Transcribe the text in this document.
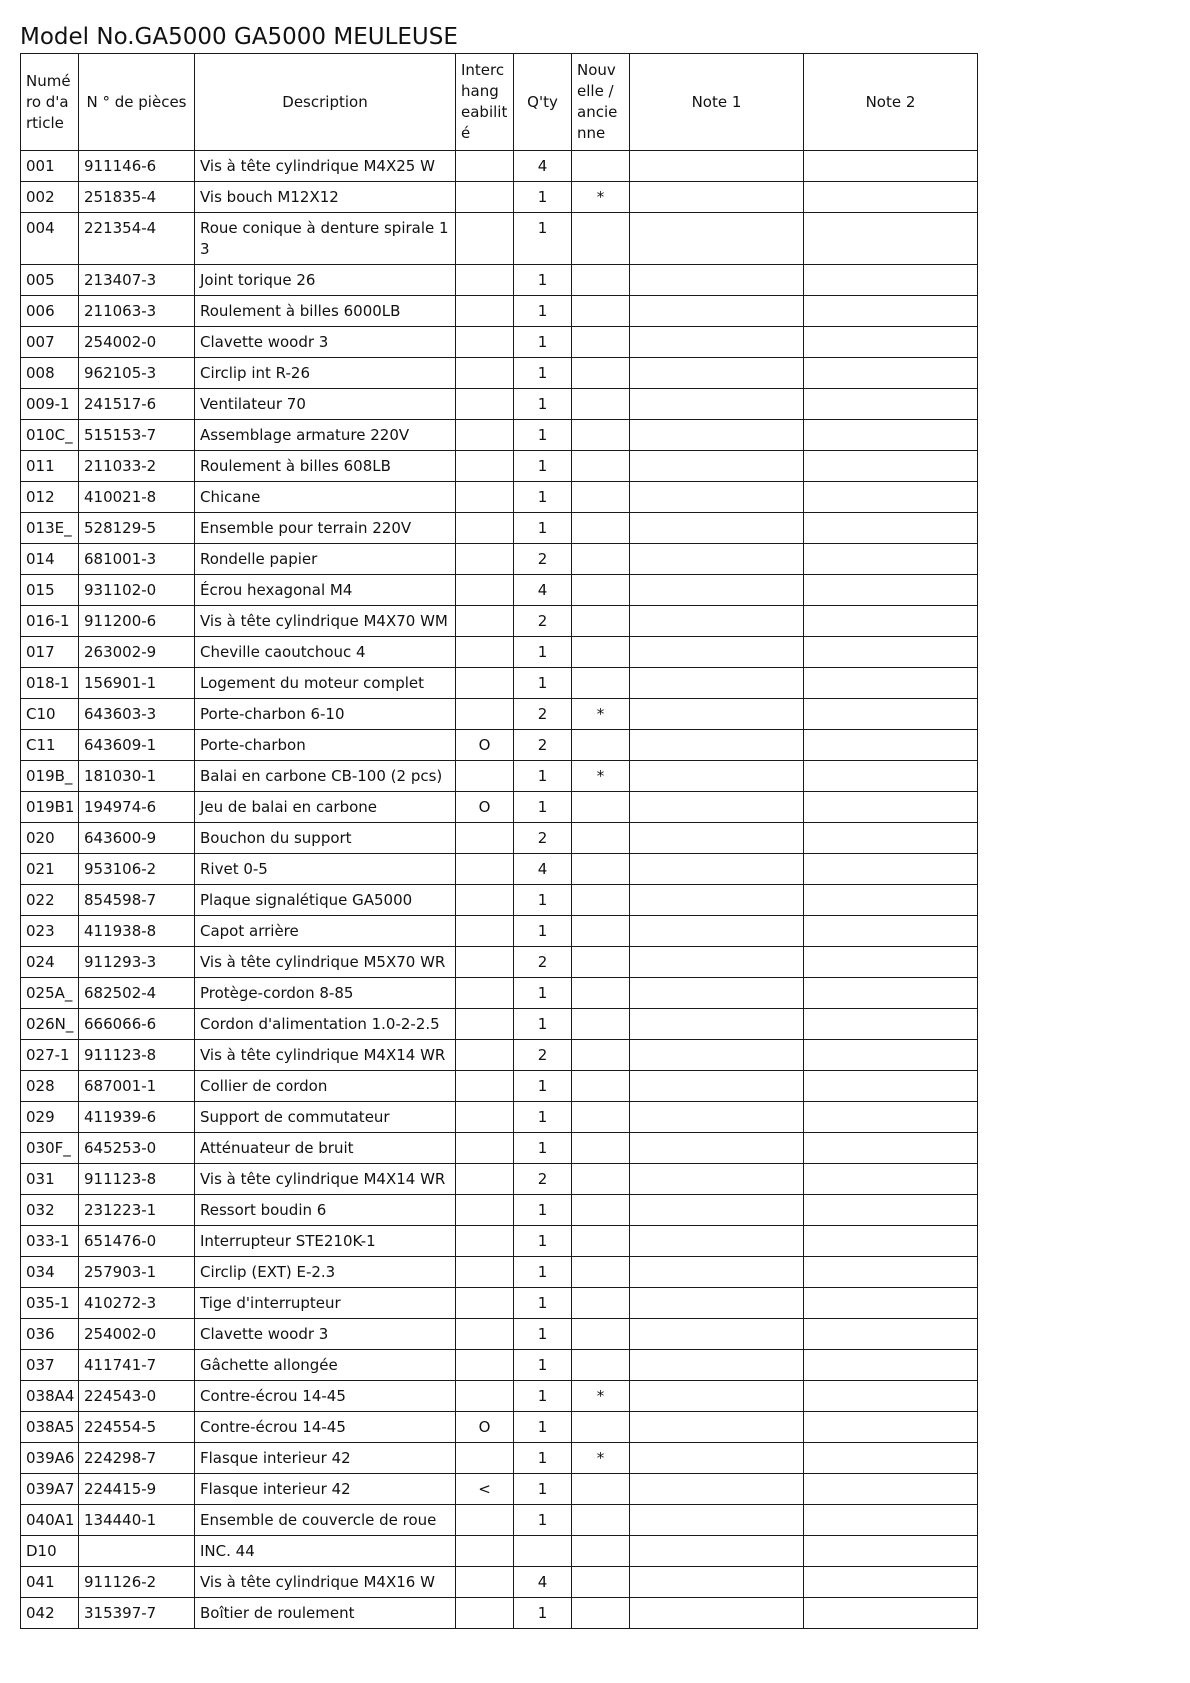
Model No.GA5000 GA5000 MEULEUSE
Numé ro d'a rticle	N ° de pièces	Description	Interc hang eabilit é	Q'ty	Nouv elle / ancie nne	Note 1	Note 2
001	911146-6	Vis à tête cylindrique M4X25 W		4			
002	251835-4	Vis bouch M12X12		1	*		
004	221354-4	Roue conique à denture spirale 1 3		1			
005	213407-3	Joint torique 26		1			
006	211063-3	Roulement à billes 6000LB		1			
007	254002-0	Clavette woodr 3		1			
008	962105-3	Circlip int R-26		1			
009-1	241517-6	Ventilateur 70		1			
010C_	515153-7	Assemblage armature 220V		1			
011	211033-2	Roulement à billes 608LB		1			
012	410021-8	Chicane		1			
013E_	528129-5	Ensemble pour terrain 220V		1			
014	681001-3	Rondelle papier		2			
015	931102-0	Écrou hexagonal M4		4			
016-1	911200-6	Vis à tête cylindrique M4X70 WM		2			
017	263002-9	Cheville caoutchouc 4		1			
018-1	156901-1	Logement du moteur complet		1			
C10	643603-3	Porte-charbon 6-10		2	*		
C11	643609-1	Porte-charbon	O	2			
019B_	181030-1	Balai en carbone CB-100 (2 pcs)		1	*		
019B1	194974-6	Jeu de balai en carbone	O	1			
020	643600-9	Bouchon du support		2			
021	953106-2	Rivet 0-5		4			
022	854598-7	Plaque signalétique GA5000		1			
023	411938-8	Capot arrière		1			
024	911293-3	Vis à tête cylindrique M5X70 WR		2			
025A_	682502-4	Protège-cordon 8-85		1			
026N_	666066-6	Cordon d'alimentation 1.0-2-2.5		1			
027-1	911123-8	Vis à tête cylindrique M4X14 WR		2			
028	687001-1	Collier de cordon		1			
029	411939-6	Support de commutateur		1			
030F_	645253-0	Atténuateur de bruit		1			
031	911123-8	Vis à tête cylindrique M4X14 WR		2			
032	231223-1	Ressort boudin 6		1			
033-1	651476-0	Interrupteur STE210K-1		1			
034	257903-1	Circlip (EXT) E-2.3		1			
035-1	410272-3	Tige d'interrupteur		1			
036	254002-0	Clavette woodr 3		1			
037	411741-7	Gâchette allongée		1			
038A4	224543-0	Contre-écrou 14-45		1	*		
038A5	224554-5	Contre-écrou 14-45	O	1			
039A6	224298-7	Flasque interieur 42		1	*		
039A7	224415-9	Flasque interieur 42	<	1			
040A1	134440-1	Ensemble de couvercle de roue		1			
D10		INC. 44					
041	911126-2	Vis à tête cylindrique M4X16 W		4			
042	315397-7	Boîtier de roulement		1			
